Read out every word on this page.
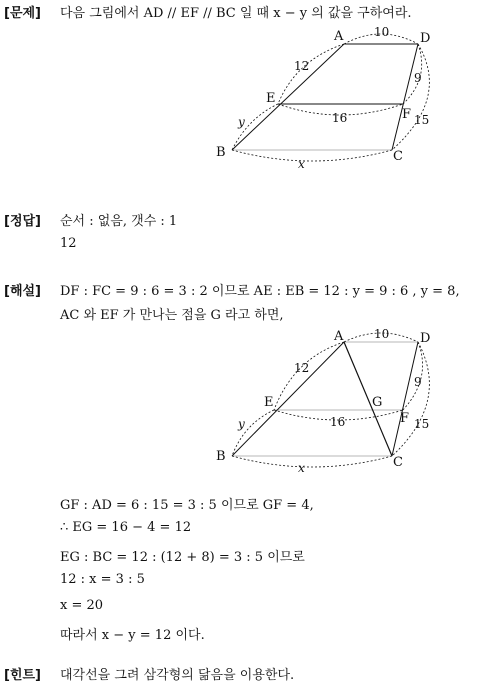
[문제] 다음 그림에서 AD // EF // BC 일 때 x − y 의 값을 구하여라.
A	D
E
F
B	C
10
12
9
16	15
y
x
[정답] 순서 : 없음, 갯수 : 1
12
[해설] DF : FC = 9 : 6 = 3 : 2 이므로 AE : EB = 12 : y = 9 : 6 , y = 8,
AC 와 EF 가 만나는 점을 G 라고 하면,
A	D
E	G
F
B	C
10
12
9
16	15
y
x
GF : AD = 6 : 15 = 3 : 5 이므로 GF = 4,
∴ EG = 16 − 4 = 12
EG : BC = 12 : (12 + 8) = 3 : 5 이므로
12 : x = 3 : 5
x = 20
따라서 x − y = 12 이다.
[힌트] 대각선을 그려 삼각형의 닮음을 이용한다.
